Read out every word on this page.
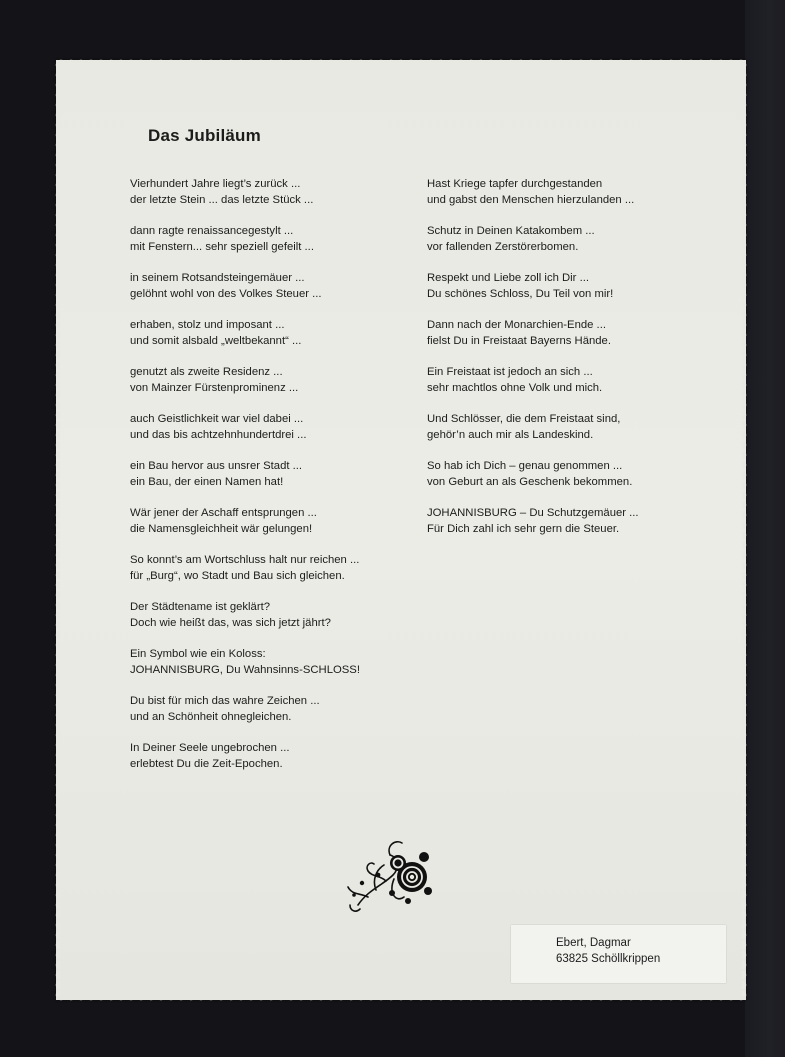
Das Jubiläum
Vierhundert Jahre liegt’s zurück ...
der letzte Stein ... das letzte Stück ...
dann ragte renaissancegestylt ...
mit Fenstern... sehr speziell gefeilt ...
in seinem Rotsandsteingemäuer ...
gelöhnt wohl von des Volkes Steuer ...
erhaben, stolz und imposant ...
und somit alsbald „weltbekannt“ ...
genutzt als zweite Residenz ...
von Mainzer Fürstenprominenz ...
auch Geistlichkeit war viel dabei ...
und das bis achtzehnhundertdrei ...
ein Bau hervor aus unsrer Stadt ...
ein Bau, der einen Namen hat!
Wär jener der Aschaff entsprungen ...
die Namensgleichheit wär gelungen!
So konnt’s am Wortschluss halt nur reichen ...
für „Burg“, wo Stadt und Bau sich gleichen.
Der Städtename ist geklärt?
Doch wie heißt das, was sich jetzt jährt?
Ein Symbol wie ein Koloss:
JOHANNISBURG, Du Wahnsinns-SCHLOSS!
Du bist für mich das wahre Zeichen ...
und an Schönheit ohnegleichen.
In Deiner Seele ungebrochen ...
erlebtest Du die Zeit-Epochen.
Hast Kriege tapfer durchgestanden
und gabst den Menschen hierzulanden ...
Schutz in Deinen Katakombem ...
vor fallenden Zerstörerbomen.
Respekt und Liebe zoll ich Dir ...
Du schönes Schloss, Du Teil von mir!
Dann nach der Monarchien-Ende ...
fielst Du in Freistaat Bayerns Hände.
Ein Freistaat ist jedoch an sich ...
sehr machtlos ohne Volk und mich.
Und Schlösser, die dem Freistaat sind,
gehör’n auch mir als Landeskind.
So hab ich Dich – genau genommen ...
von Geburt an als Geschenk bekommen.
JOHANNISBURG – Du Schutzgemäuer ...
Für Dich zahl ich sehr gern die Steuer.
Ebert, Dagmar
63825 Schöllkrippen
